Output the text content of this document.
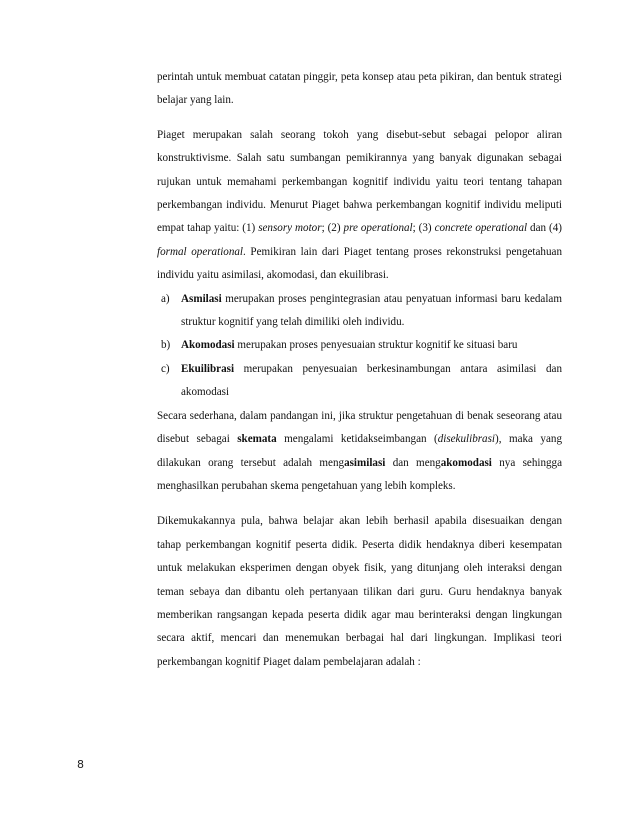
perintah untuk membuat catatan pinggir, peta konsep atau peta pikiran, dan bentuk strategi belajar yang lain.

Piaget merupakan salah seorang tokoh yang disebut-sebut sebagai pelopor aliran konstruktivisme. Salah satu sumbangan pemikirannya yang banyak digunakan sebagai rujukan untuk memahami perkembangan kognitif individu yaitu teori tentang tahapan perkembangan individu. Menurut Piaget bahwa perkembangan kognitif individu meliputi empat tahap yaitu: (1) sensory motor; (2) pre operational; (3) concrete operational dan (4) formal operational. Pemikiran lain dari Piaget tentang proses rekonstruksi pengetahuan individu yaitu asimilasi, akomodasi, dan ekuilibrasi.

a) Asmilasi merupakan proses pengintegrasian atau penyatuan informasi baru kedalam struktur kognitif yang telah dimiliki oleh individu.
b) Akomodasi merupakan proses penyesuaian struktur kognitif ke situasi baru
c) Ekuilibrasi merupakan penyesuaian berkesinambungan antara asimilasi dan akomodasi

Secara sederhana, dalam pandangan ini, jika struktur pengetahuan di benak seseorang atau disebut sebagai skemata mengalami ketidakseimbangan (disekulibrasi), maka yang dilakukan orang tersebut adalah mengasimilasi dan mengakomodasi nya sehingga menghasilkan perubahan skema pengetahuan yang lebih kompleks.

Dikemukakannya pula, bahwa belajar akan lebih berhasil apabila disesuaikan dengan tahap perkembangan kognitif peserta didik. Peserta didik hendaknya diberi kesempatan untuk melakukan eksperimen dengan obyek fisik, yang ditunjang oleh interaksi dengan teman sebaya dan dibantu oleh pertanyaan tilikan dari guru. Guru hendaknya banyak memberikan rangsangan kepada peserta didik agar mau berinteraksi dengan lingkungan secara aktif, mencari dan menemukan berbagai hal dari lingkungan. Implikasi teori perkembangan kognitif Piaget dalam pembelajaran adalah :

8
